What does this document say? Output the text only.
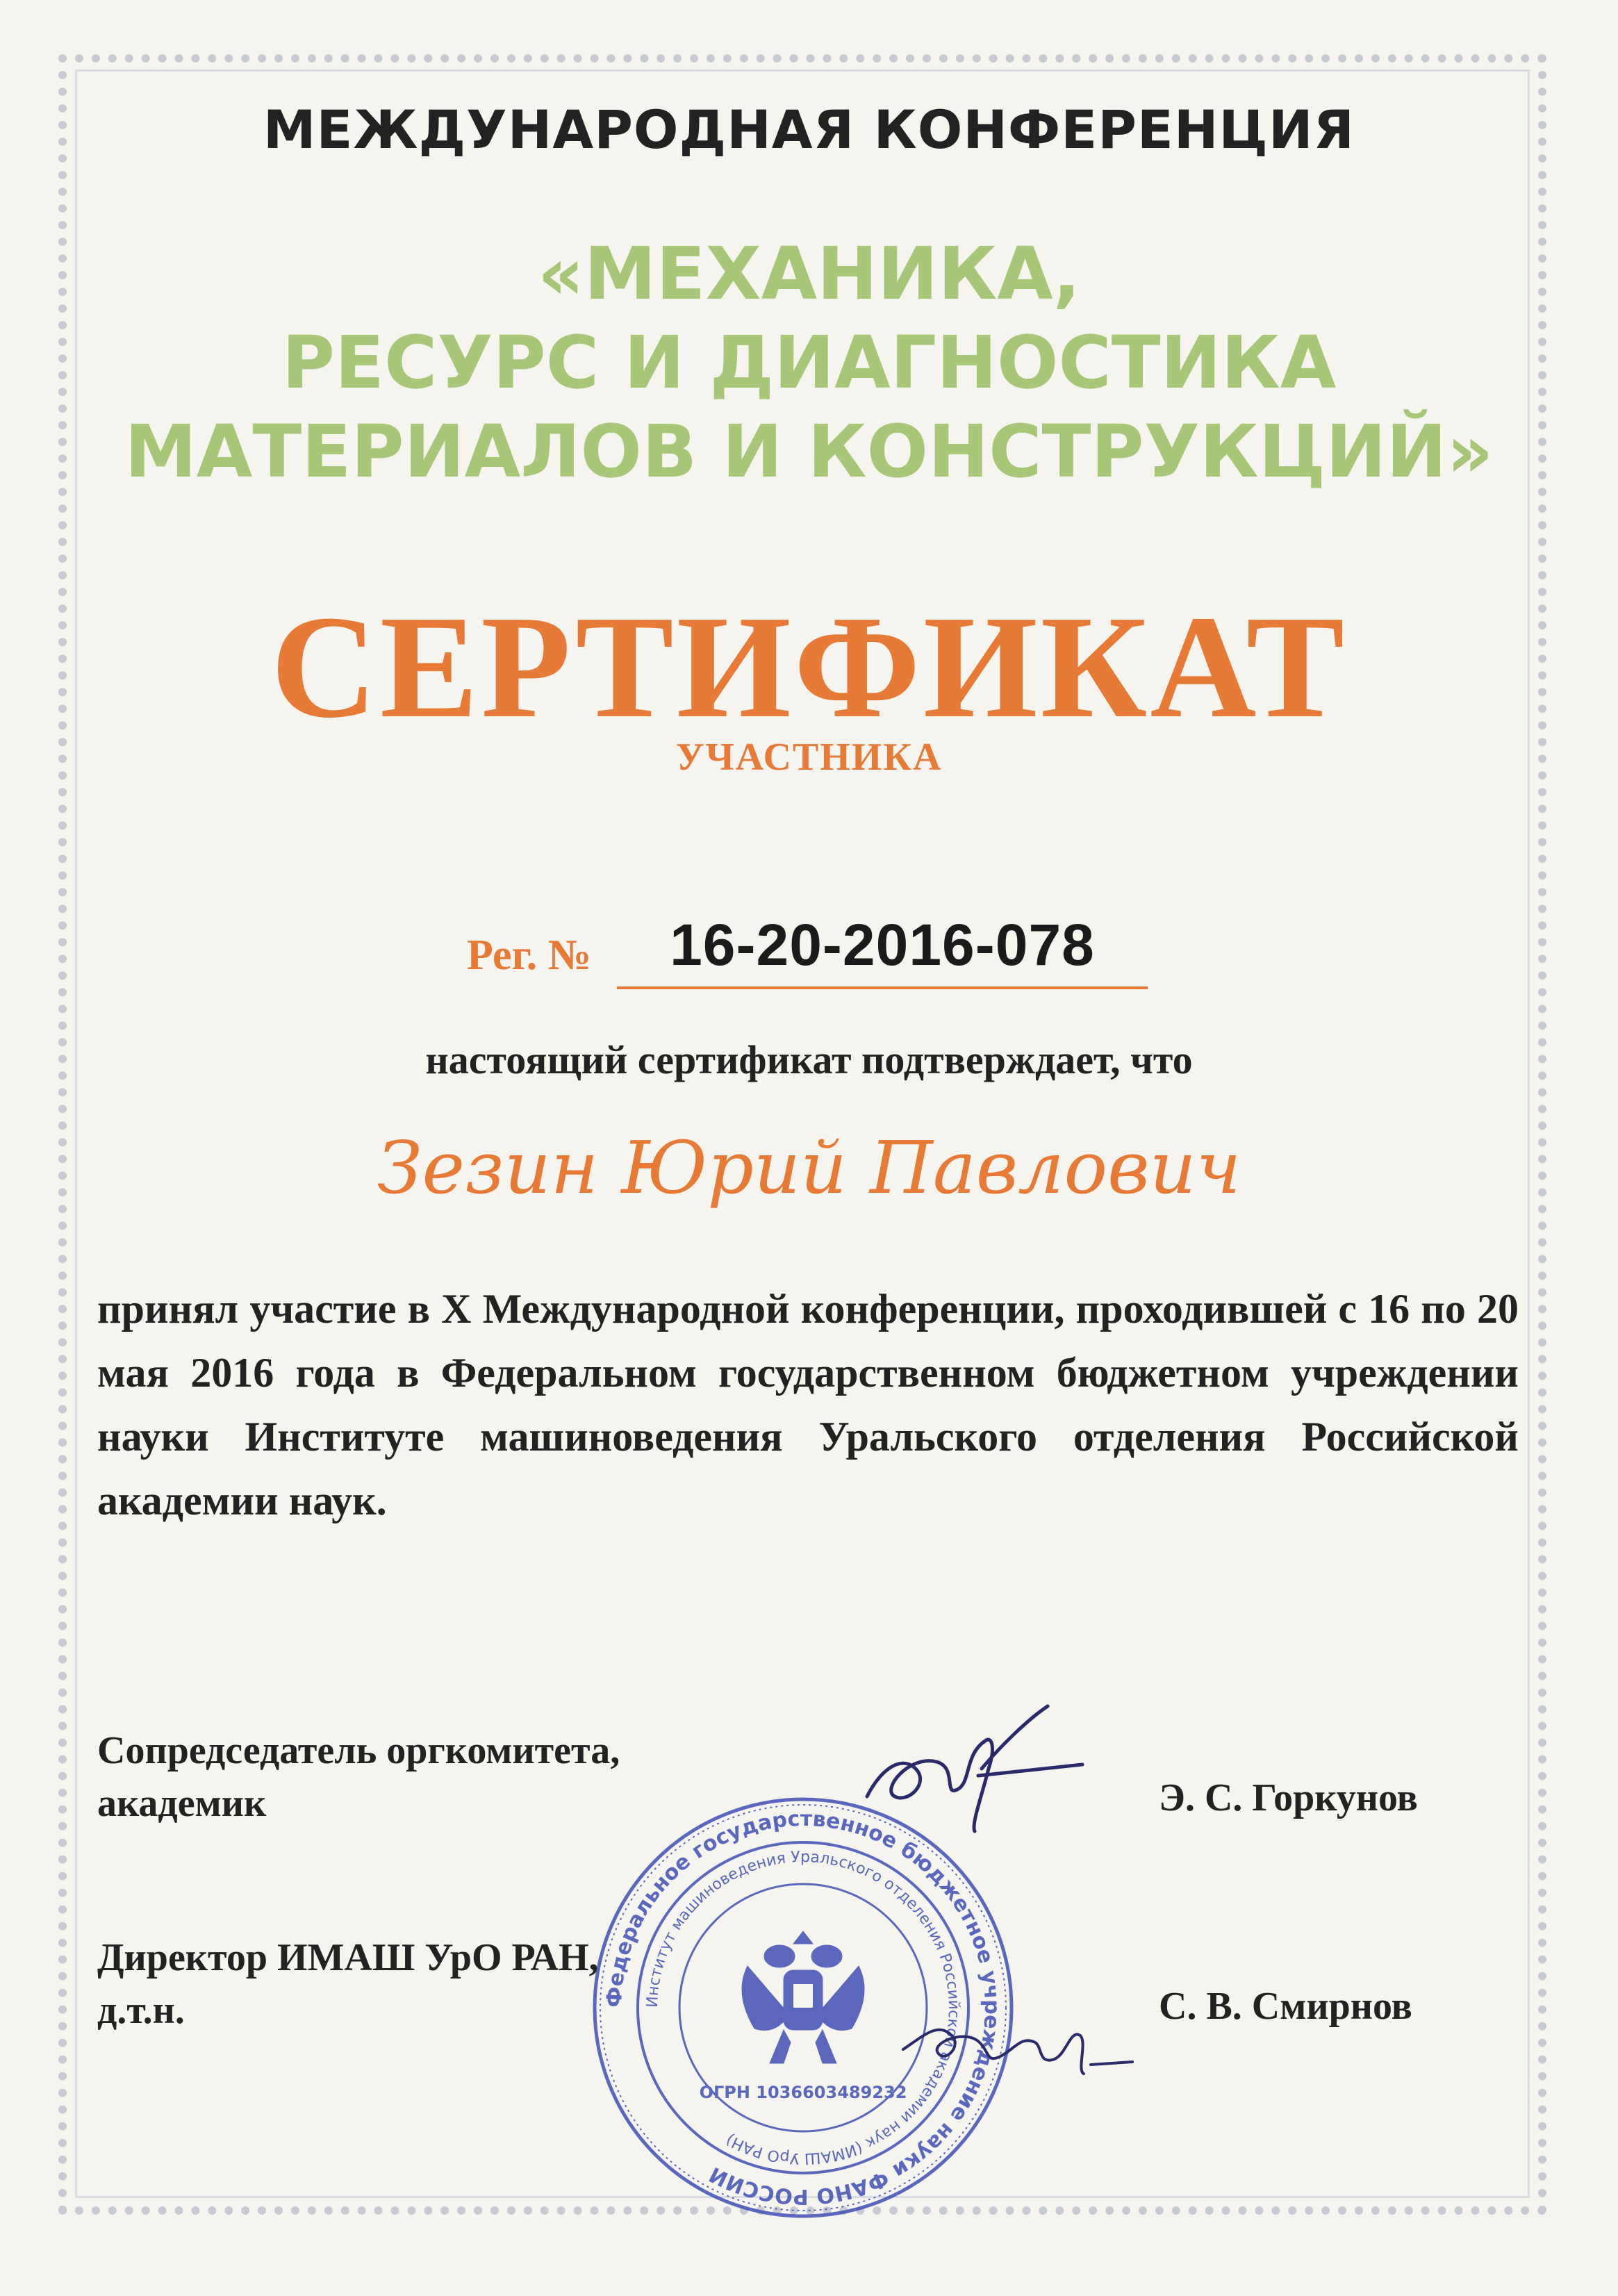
МЕЖДУНАРОДНАЯ КОНФЕРЕНЦИЯ
«МЕХАНИКА,
РЕСУРС И ДИАГНОСТИКА
МАТЕРИАЛОВ И КОНСТРУКЦИЙ»
СЕРТИФИКАТ
УЧАСТНИКА
Рег. №	16-20-2016-078
настоящий сертификат подтверждает, что
Зезин Юрий Павлович
принял участие в X Международной конференции, проходившей с 16 по 20 мая 2016 года в Федеральном государственном бюджетном учреждении науки Институте машиноведения Уральского отделения Российской академии наук.
Сопредседатель оргкомитета,
академик	Э. С. Горкунов
Директор ИМАШ УрО РАН,
д.т.н.	С. В. Смирнов
Федеральное государственное бюджетное учреждение науки ФАНО РОССИИ
Институт машиноведения Уральского отделения Российской академии наук (ИМАШ УрО РАН)
ОГРН 1036603489232
